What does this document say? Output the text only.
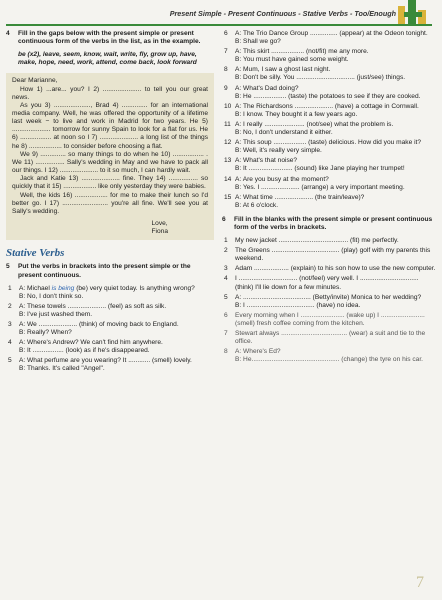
Present Simple - Present Continuous - Stative Verbs - Too/Enough
4 Fill in the gaps below with the present simple or present continuous form of the verbs in the list, as in the example.
be (x2), leave, seem, know, wait, write, fly, grow up, have, make, hope, need, work, attend, come back, look forward

Dear Marianne,

How 1) ...are... you? I 2) ..................... to tell you our great news.

As you 3) ...................., Brad 4) .............. for an international media company. Well, he was offered the opportunity of a lifetime last week − to live and work in Madrid for two years. He 5) ..................... tomorrow for sunny Spain to look for a flat for us. He 6) ................. at noon so I 7) ..................... a long list of the things he 8) .................. to consider before choosing a flat.

We 9) .............. so many things to do when he 10) ................. . We 11) ................ Sally's wedding in May and we have to pack all our things. I 12) ..................... to it so much, I can hardly wait.

Jack and Katie 13) ..................... fine. They 14) ................ so quickly that it 15) .................. like only yesterday they were babies.

Well, the kids 16) .................. for me to make their lunch so I'd better go. I 17) ......................... you're all fine. We'll see you at Sally's wedding.

Love,
Fiona
Stative Verbs
5 Put the verbs in brackets into the present simple or the present continuous.
1 A: Michael is being (be) very quiet today. Is anything wrong?
B: No, I don't think so.
2 A: These towels ..................... (feel) as soft as silk.
B: I've just washed them.
3 A: We ..................... (think) of moving back to England.
B: Really? When?
4 A: Where's Andrew? We can't find him anywhere.
B: It ................. (look) as if he's disappeared.
5 A: What perfume are you wearing? It ............ (smell) lovely.
B: Thanks. It's called "Angel".
6 A: The Trio Dance Group ............... (appear) at the Odeon tonight.
B: Shall we go?
7 A: This skirt .................. (not/fit) me any more.
B: You must have gained some weight.
8 A: Mum, I saw a ghost last night.
B: Don't be silly. You ................................ (just/see) things.
9 A: What's Dad doing?
B: He .................. (taste) the potatoes to see if they are cooked.
10 A: The Richardsons ..................... (have) a cottage in Cornwall.
B: I know. They bought it a few years ago.
11 A: I really ...................... (not/see) what the problem is.
B: No, I don't understand it either.
12 A: This soup .................. (taste) delicious. How did you make it?
B: Well, it's really very simple.
13 A: What's that noise?
B: It ........................ (sound) like Jane playing her trumpet!
14 A: Are you busy at the moment?
B: Yes. I ..................... (arrange) a very important meeting.
15 A: What time ..................... (the train/leave)?
B: At 6 o'clock.
6 Fill in the blanks with the present simple or present continuous form of the verbs in brackets.
1 My new jacket ...................................... (fit) me perfectly.
2 The Greens ..................................... (play) golf with my parents this weekend.
3 Adam ................... (explain) to his son how to use the new computer.
4 I ................................ (not/feel) very well. I ................................ (think) I'll lie down for a few minutes.
5 A: ..................................... (Betty/invite) Monica to her wedding?
B: I ..................................... (have) no idea.
6 Every morning when I ........................ (wake up) I ........................ (smell) fresh coffee coming from the kitchen.
7 Stewart always .................................... (wear) a suit and tie to the office.
8 A: Where's Ed?
B: He................................................ (change) the tyre on his car.
7
